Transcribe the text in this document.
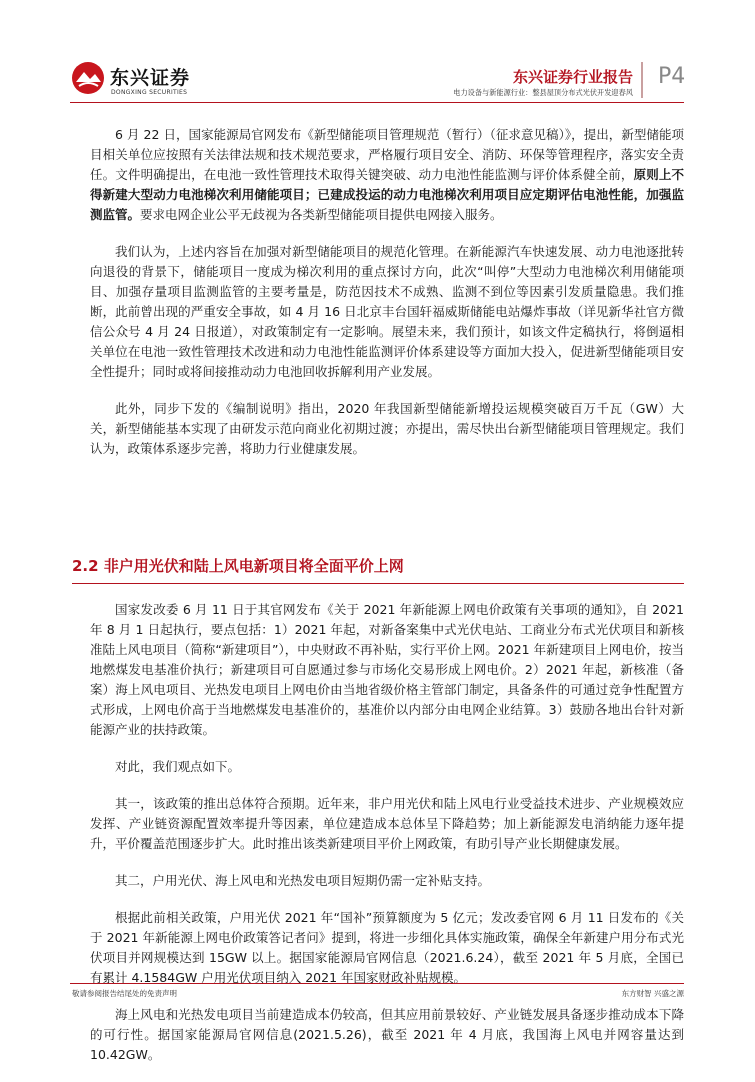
东兴证券
DONGXING SECURITIES
东兴证券行业报告
电力设备与新能源行业：整县屋顶分布式光伏开发迎春风
P4

6 月 22 日，国家能源局官网发布《新型储能项目管理规范（暂行）（征求意见稿）》，提出，新型储能项目相关单位应按照有关法律法规和技术规范要求，严格履行项目安全、消防、环保等管理程序，落实安全责任。文件明确提出，在电池一致性管理技术取得关键突破、动力电池性能监测与评价体系健全前，原则上不得新建大型动力电池梯次利用储能项目；已建成投运的动力电池梯次利用项目应定期评估电池性能，加强监测监管。要求电网企业公平无歧视为各类新型储能项目提供电网接入服务。

我们认为，上述内容旨在加强对新型储能项目的规范化管理。在新能源汽车快速发展、动力电池逐批转向退役的背景下，储能项目一度成为梯次利用的重点探讨方向，此次“叫停”大型动力电池梯次利用储能项目、加强存量项目监测监管的主要考量是，防范因技术不成熟、监测不到位等因素引发质量隐患。我们推断，此前曾出现的严重安全事故，如 4 月 16 日北京丰台国轩福威斯储能电站爆炸事故（详见新华社官方微信公众号 4 月 24 日报道），对政策制定有一定影响。展望未来，我们预计，如该文件定稿执行，将倒逼相关单位在电池一致性管理技术改进和动力电池性能监测评价体系建设等方面加大投入，促进新型储能项目安全性提升；同时或将间接推动动力电池回收拆解利用产业发展。

此外，同步下发的《编制说明》指出，2020 年我国新型储能新增投运规模突破百万千瓦（GW）大关，新型储能基本实现了由研发示范向商业化初期过渡；亦提出，需尽快出台新型储能项目管理规定。我们认为，政策体系逐步完善，将助力行业健康发展。

2.2 非户用光伏和陆上风电新项目将全面平价上网

国家发改委 6 月 11 日于其官网发布《关于 2021 年新能源上网电价政策有关事项的通知》，自 2021 年 8 月 1 日起执行，要点包括：1）2021 年起，对新备案集中式光伏电站、工商业分布式光伏项目和新核准陆上风电项目（简称“新建项目”），中央财政不再补贴，实行平价上网。2021 年新建项目上网电价，按当地燃煤发电基准价执行；新建项目可自愿通过参与市场化交易形成上网电价。2）2021 年起，新核准（备案）海上风电项目、光热发电项目上网电价由当地省级价格主管部门制定，具备条件的可通过竞争性配置方式形成，上网电价高于当地燃煤发电基准价的，基准价以内部分由电网企业结算。3）鼓励各地出台针对新能源产业的扶持政策。

对此，我们观点如下。

其一，该政策的推出总体符合预期。近年来，非户用光伏和陆上风电行业受益技术进步、产业规模效应发挥、产业链资源配置效率提升等因素，单位建造成本总体呈下降趋势；加上新能源发电消纳能力逐年提升，平价覆盖范围逐步扩大。此时推出该类新建项目平价上网政策，有助引导产业长期健康发展。

其二，户用光伏、海上风电和光热发电项目短期仍需一定补贴支持。

根据此前相关政策，户用光伏 2021 年“国补”预算额度为 5 亿元；发改委官网 6 月 11 日发布的《关于 2021 年新能源上网电价政策答记者问》提到，将进一步细化具体实施政策，确保全年新建户用分布式光伏项目并网规模达到 15GW 以上。据国家能源局官网信息（2021.6.24），截至 2021 年 5 月底，全国已有累计 4.1584GW 户用光伏项目纳入 2021 年国家财政补贴规模。

海上风电和光热发电项目当前建造成本仍较高，但其应用前景较好、产业链发展具备逐步推动成本下降的可行性。据国家能源局官网信息(2021.5.26)，截至 2021 年 4 月底，我国海上风电并网容量达到 10.42GW。

敬请参阅报告结尾处的免责声明	东方财智 兴盛之源
